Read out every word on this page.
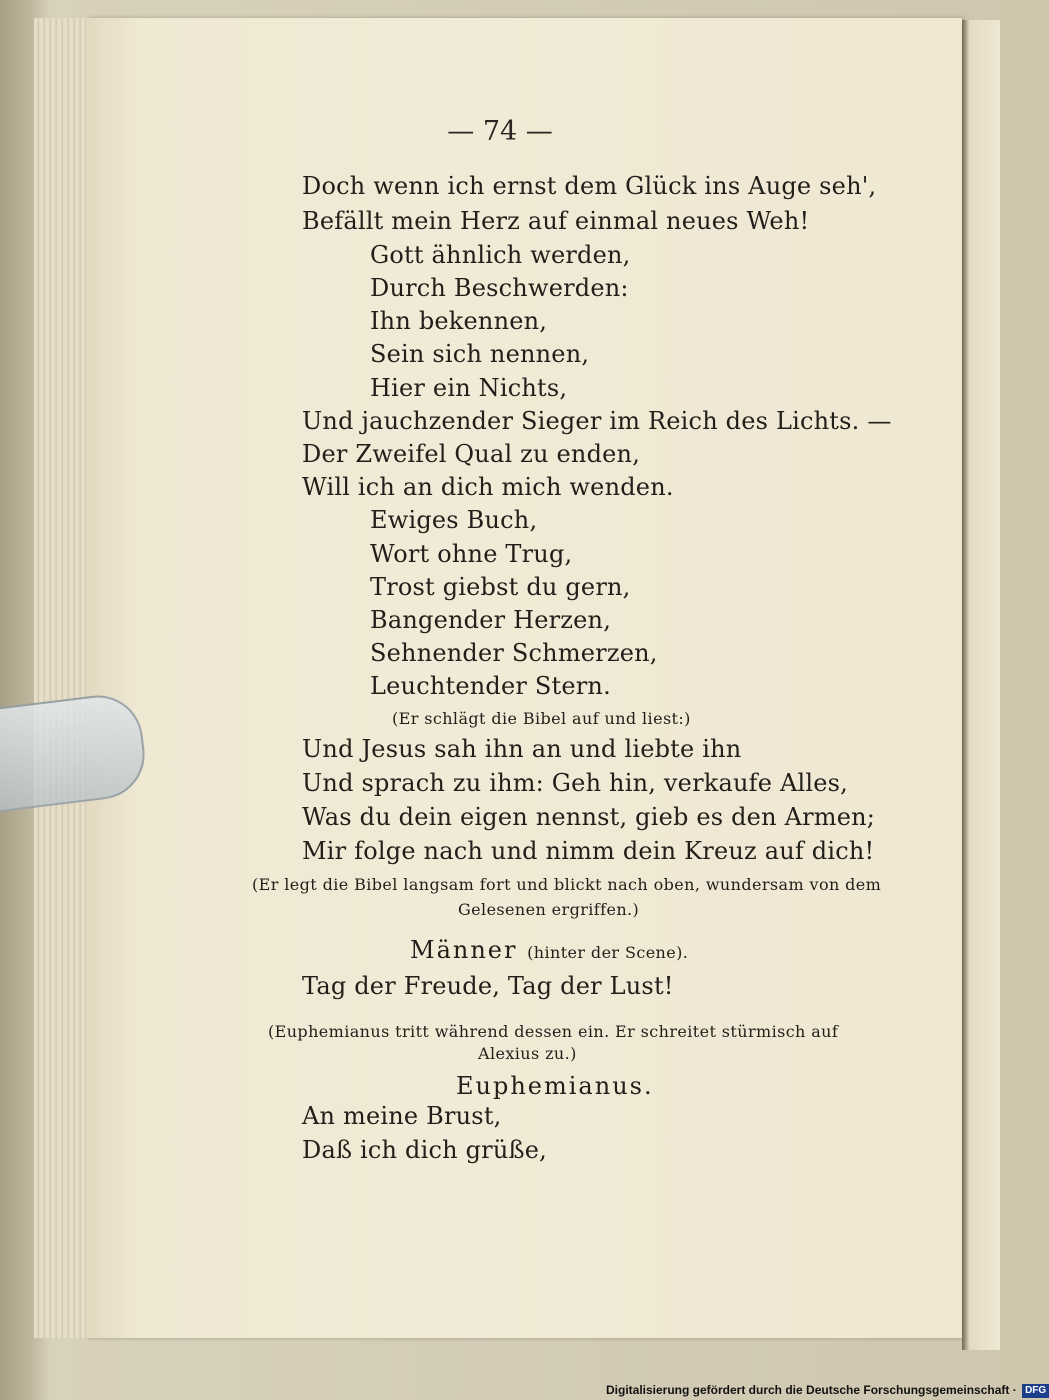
— 74 —
Doch wenn ich ernst dem Glück ins Auge seh',
Befällt mein Herz auf einmal neues Weh!
Gott ähnlich werden,
Durch Beschwerden:
Ihn bekennen,
Sein sich nennen,
Hier ein Nichts,
Und jauchzender Sieger im Reich des Lichts. —
Der Zweifel Qual zu enden,
Will ich an dich mich wenden.
Ewiges Buch,
Wort ohne Trug,
Trost giebst du gern,
Bangender Herzen,
Sehnender Schmerzen,
Leuchtender Stern.
(Er schlägt die Bibel auf und liest:)
Und Jesus sah ihn an und liebte ihn
Und sprach zu ihm: Geh hin, verkaufe Alles,
Was du dein eigen nennst, gieb es den Armen;
Mir folge nach und nimm dein Kreuz auf dich!
(Er legt die Bibel langsam fort und blickt nach oben, wundersam von dem
Gelesenen ergriffen.)
Männer (hinter der Scene).
Tag der Freude, Tag der Lust!
(Euphemianus tritt während dessen ein. Er schreitet stürmisch auf
Alexius zu.)
Euphemianus.
An meine Brust,
Daß ich dich grüße,
Digitalisierung gefördert durch die Deutsche Forschungsgemeinschaft · DFG
